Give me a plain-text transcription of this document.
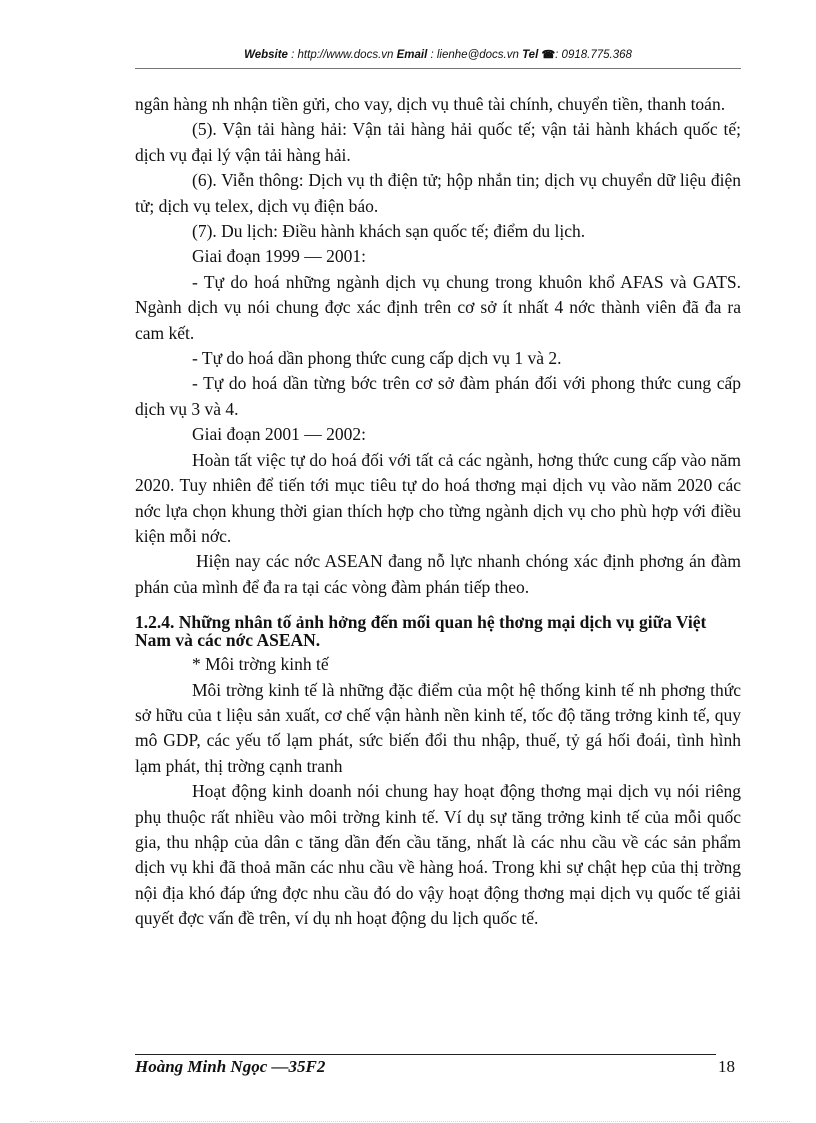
Website : http://www.docs.vn Email : lienhe@docs.vn Tel ☎: 0918.775.368

ngân hàng nh nhận tiền gửi, cho vay, dịch vụ thuê tài chính, chuyển tiền, thanh toán.

(5). Vận tải hàng hải: Vận tải hàng hải quốc tế; vận tải hành khách quốc tế; dịch vụ đại lý vận tải hàng hải.

(6). Viễn thông: Dịch vụ th điện tử; hộp nhắn tin; dịch vụ chuyển dữ liệu điện tử; dịch vụ telex, dịch vụ điện báo.

(7). Du lịch: Điều hành khách sạn quốc tế; điểm du lịch.

Giai đoạn 1999 — 2001:

- Tự do hoá những ngành dịch vụ chung trong khuôn khổ AFAS và GATS. Ngành dịch vụ nói chung đợc xác định trên cơ sở ít nhất 4 nớc thành viên đã đa ra cam kết.

- Tự do hoá dần phong thức cung cấp dịch vụ 1 và 2.

- Tự do hoá dần từng bớc trên cơ sở đàm phán đối với phong thức cung cấp dịch vụ 3 và 4.

Giai đoạn 2001 — 2002:

Hoàn tất việc tự do hoá đối với tất cả các ngành, hơng thức cung cấp vào năm 2020. Tuy nhiên để tiến tới mục tiêu tự do hoá thơng mại dịch vụ vào năm 2020 các nớc lựa chọn khung thời gian thích hợp cho từng ngành dịch vụ cho phù hợp với điều kiện mỗi nớc.

Hiện nay các nớc ASEAN đang nỗ lực nhanh chóng xác định phơng án đàm phán của mình để đa ra tại các vòng đàm phán tiếp theo.

1.2.4. Những nhân tố ảnh hởng đến mối quan hệ thơng mại dịch vụ giữa Việt Nam và các nớc ASEAN.

* Môi trờng kinh tế

Môi trờng kinh tế là những đặc điểm của một hệ thống kinh tế nh phơng thức sở hữu của t liệu sản xuất, cơ chế vận hành nền kinh tế, tốc độ tăng trởng kinh tế, quy mô GDP, các yếu tố lạm phát, sức biến đổi thu nhập, thuế, tỷ gá hối đoái, tình hình lạm phát, thị trờng cạnh tranh

Hoạt động kinh doanh nói chung hay hoạt động thơng mại dịch vụ nói riêng phụ thuộc rất nhiều vào môi trờng kinh tế. Ví dụ sự tăng trởng kinh tế của mỗi quốc gia, thu nhập của dân c tăng dần đến cầu tăng, nhất là các nhu cầu về các sản phẩm dịch vụ khi đã thoả mãn các nhu cầu về hàng hoá. Trong khi sự chật hẹp của thị trờng nội địa khó đáp ứng đợc nhu cầu đó do vậy hoạt động thơng mại dịch vụ quốc tế giải quyết đợc vấn đề trên, ví dụ nh hoạt động du lịch quốc tế.

Hoàng Minh Ngọc —35F2	18
